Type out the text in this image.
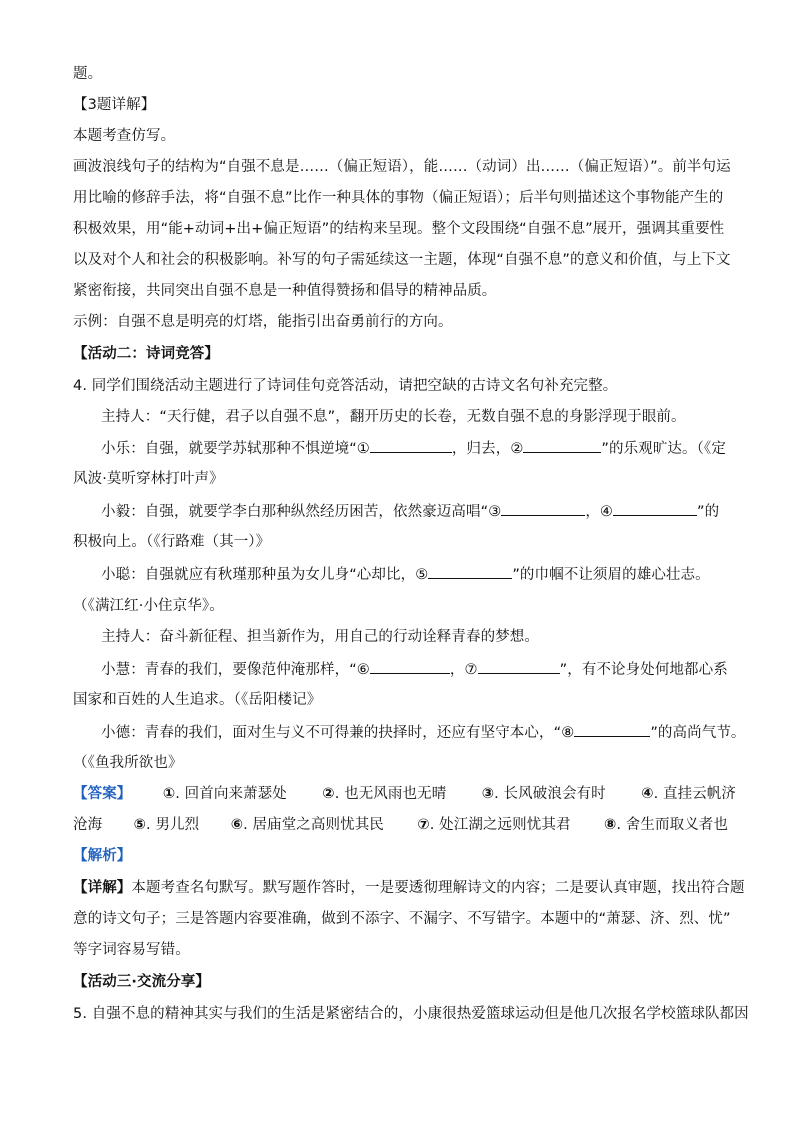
题。
【3题详解】
本题考查仿写。
画波浪线句子的结构为“自强不息是……（偏正短语），能……（动词）出……（偏正短语）”。前半句运
用比喻的修辞手法，将“自强不息”比作一种具体的事物（偏正短语）；后半句则描述这个事物能产生的
积极效果，用“能+动词+出+偏正短语”的结构来呈现。整个文段围绕“自强不息”展开，强调其重要性
以及对个人和社会的积极影响。补写的句子需延续这一主题，体现“自强不息”的意义和价值，与上下文
紧密衔接，共同突出自强不息是一种值得赞扬和倡导的精神品质。
示例：自强不息是明亮的灯塔，能指引出奋勇前行的方向。
【活动二：诗词竞答】
4. 同学们围绕活动主题进行了诗词佳句竞答活动，请把空缺的古诗文名句补充完整。
主持人：“天行健，君子以自强不息”，翻开历史的长卷，无数自强不息的身影浮现于眼前。
小乐：自强，就要学苏轼那种不惧逆境“①	，归去，②	”的乐观旷达。（《定
风波·莫听穿林打叶声》
小毅：自强，就要学李白那种纵然经历困苦，依然豪迈高唱“③	，④	”的
积极向上。（《行路难（其一）》
小聪：自强就应有秋瑾那种虽为女儿身“心却比，⑤	”的巾帼不让须眉的雄心壮志。
（《满江红·小住京华》。
主持人：奋斗新征程、担当新作为，用自己的行动诠释青春的梦想。
小慧：青春的我们，要像范仲淹那样，“⑥	，⑦	”，有不论身处何地都心系
国家和百姓的人生追求。（《岳阳楼记》
小德：青春的我们，面对生与义不可得兼的抉择时，还应有坚守本心，“⑧	”的高尚气节。
（《鱼我所欲也》
【答案】 ①. 回首向来萧瑟处 ②. 也无风雨也无晴 ③. 长风破浪会有时 ④. 直挂云帆济
沧海 ⑤. 男儿烈 ⑥. 居庙堂之高则忧其民 ⑦. 处江湖之远则忧其君 ⑧. 舍生而取义者也
【解析】
【详解】本题考查名句默写。默写题作答时，一是要透彻理解诗文的内容；二是要认真审题，找出符合题
意的诗文句子；三是答题内容要准确，做到不添字、不漏字、不写错字。本题中的“萧瑟、济、烈、忧”
等字词容易写错。
【活动三·交流分享】
5. 自强不息的精神其实与我们的生活是紧密结合的，小康很热爱篮球运动但是他几次报名学校篮球队都因
